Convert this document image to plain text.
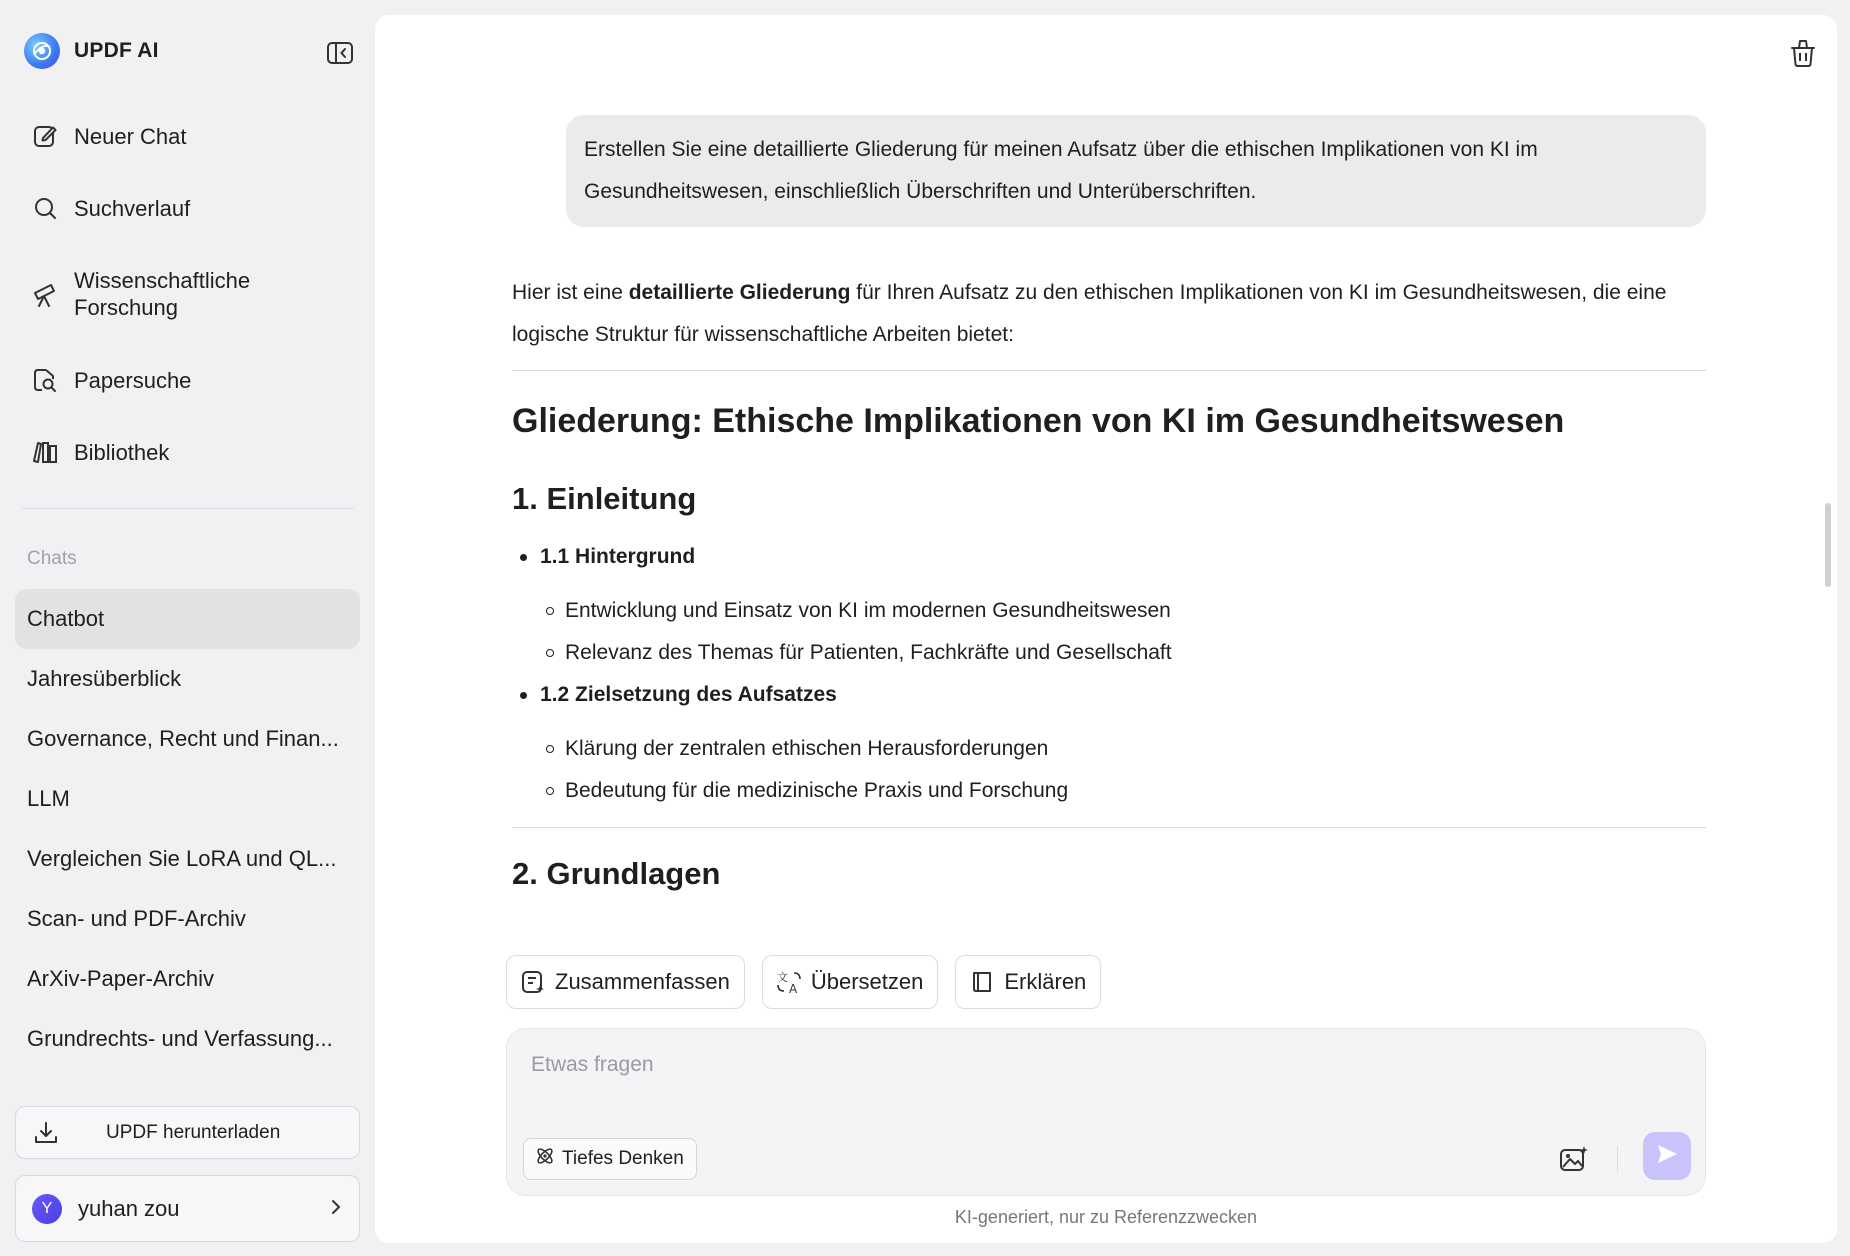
UPDF AI
Neuer Chat
Suchverlauf
Wissenschaftliche Forschung
Papersuche
Bibliothek
Chats
Chatbot
Jahresüberblick
Governance, Recht und Finan...
LLM
Vergleichen Sie LoRA und QL...
Scan- und PDF-Archiv
ArXiv-Paper-Archiv
Grundrechts- und Verfassung...
UPDF herunterladen
Y	yuhan zou
Erstellen Sie eine detaillierte Gliederung für meinen Aufsatz über die ethischen Implikationen von KI im Gesundheitswesen, einschließlich Überschriften und Unterüberschriften.

Hier ist eine detaillierte Gliederung für Ihren Aufsatz zu den ethischen Implikationen von KI im Gesundheitswesen, die eine logische Struktur für wissenschaftliche Arbeiten bietet:

Gliederung: Ethische Implikationen von KI im Gesundheitswesen
1. Einleitung
1.1 Hintergrund
Entwicklung und Einsatz von KI im modernen Gesundheitswesen
Relevanz des Themas für Patienten, Fachkräfte und Gesellschaft
1.2 Zielsetzung des Aufsatzes
Klärung der zentralen ethischen Herausforderungen
Bedeutung für die medizinische Praxis und Forschung
2. Grundlagen
Zusammenfassen	文
A Übersetzen	Erklären
Etwas fragen
Tiefes Denken
KI-generiert, nur zu Referenzzwecken
